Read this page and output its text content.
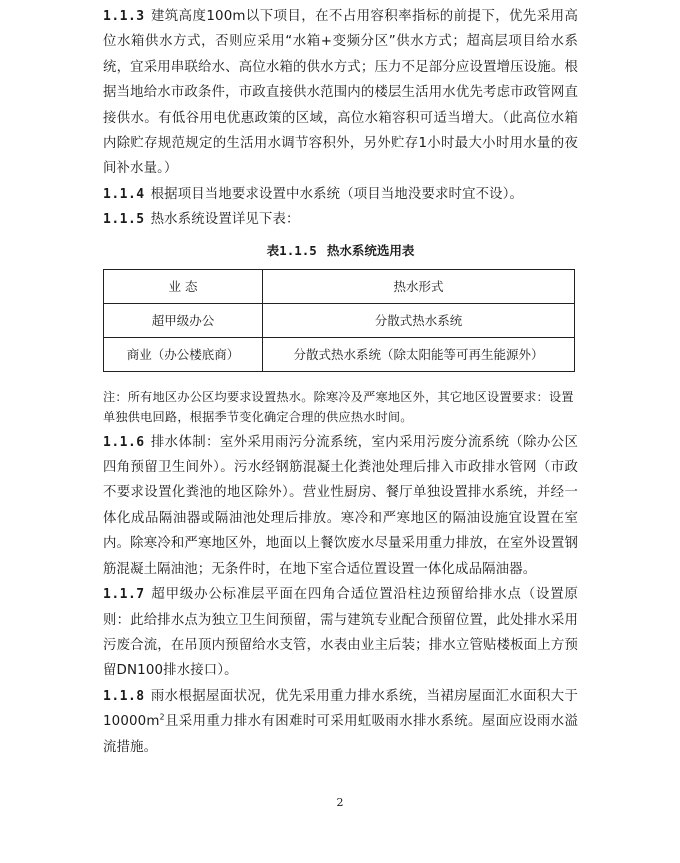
1.1.3 建筑高度100m以下项目，在不占用容积率指标的前提下，优先采用高位水箱供水方式，否则应采用“水箱+变频分区”供水方式；超高层项目给水系统，宜采用串联给水、高位水箱的供水方式；压力不足部分应设置增压设施。根据当地给水市政条件，市政直接供水范围内的楼层生活用水优先考虑市政管网直接供水。有低谷用电优惠政策的区域，高位水箱容积可适当增大。（此高位水箱内除贮存规范规定的生活用水调节容积外，另外贮存1小时最大小时用水量的夜间补水量。）

1.1.4 根据项目当地要求设置中水系统（项目当地没要求时宜不设）。

1.1.5 热水系统设置详见下表：

表1.1.5 热水系统选用表
业 态	热水形式
超甲级办公	分散式热水系统
商业（办公楼底商）	分散式热水系统（除太阳能等可再生能源外）

注：所有地区办公区均要求设置热水。除寒冷及严寒地区外，其它地区设置要求：设置单独供电回路，根据季节变化确定合理的供应热水时间。

1.1.6 排水体制：室外采用雨污分流系统，室内采用污废分流系统（除办公区四角预留卫生间外）。污水经钢筋混凝土化粪池处理后排入市政排水管网（市政不要求设置化粪池的地区除外）。营业性厨房、餐厅单独设置排水系统，并经一体化成品隔油器或隔油池处理后排放。寒冷和严寒地区的隔油设施宜设置在室内。除寒冷和严寒地区外，地面以上餐饮废水尽量采用重力排放，在室外设置钢筋混凝土隔油池；无条件时，在地下室合适位置设置一体化成品隔油器。

1.1.7 超甲级办公标准层平面在四角合适位置沿柱边预留给排水点（设置原则：此给排水点为独立卫生间预留，需与建筑专业配合预留位置，此处排水采用污废合流，在吊顶内预留给水支管，水表由业主后装；排水立管贴楼板面上方预留DN100排水接口）。

1.1.8 雨水根据屋面状况，优先采用重力排水系统，当裙房屋面汇水面积大于$10000m^2$且采用重力排水有困难时可采用虹吸雨水排水系统。屋面应设雨水溢流措施。

2
